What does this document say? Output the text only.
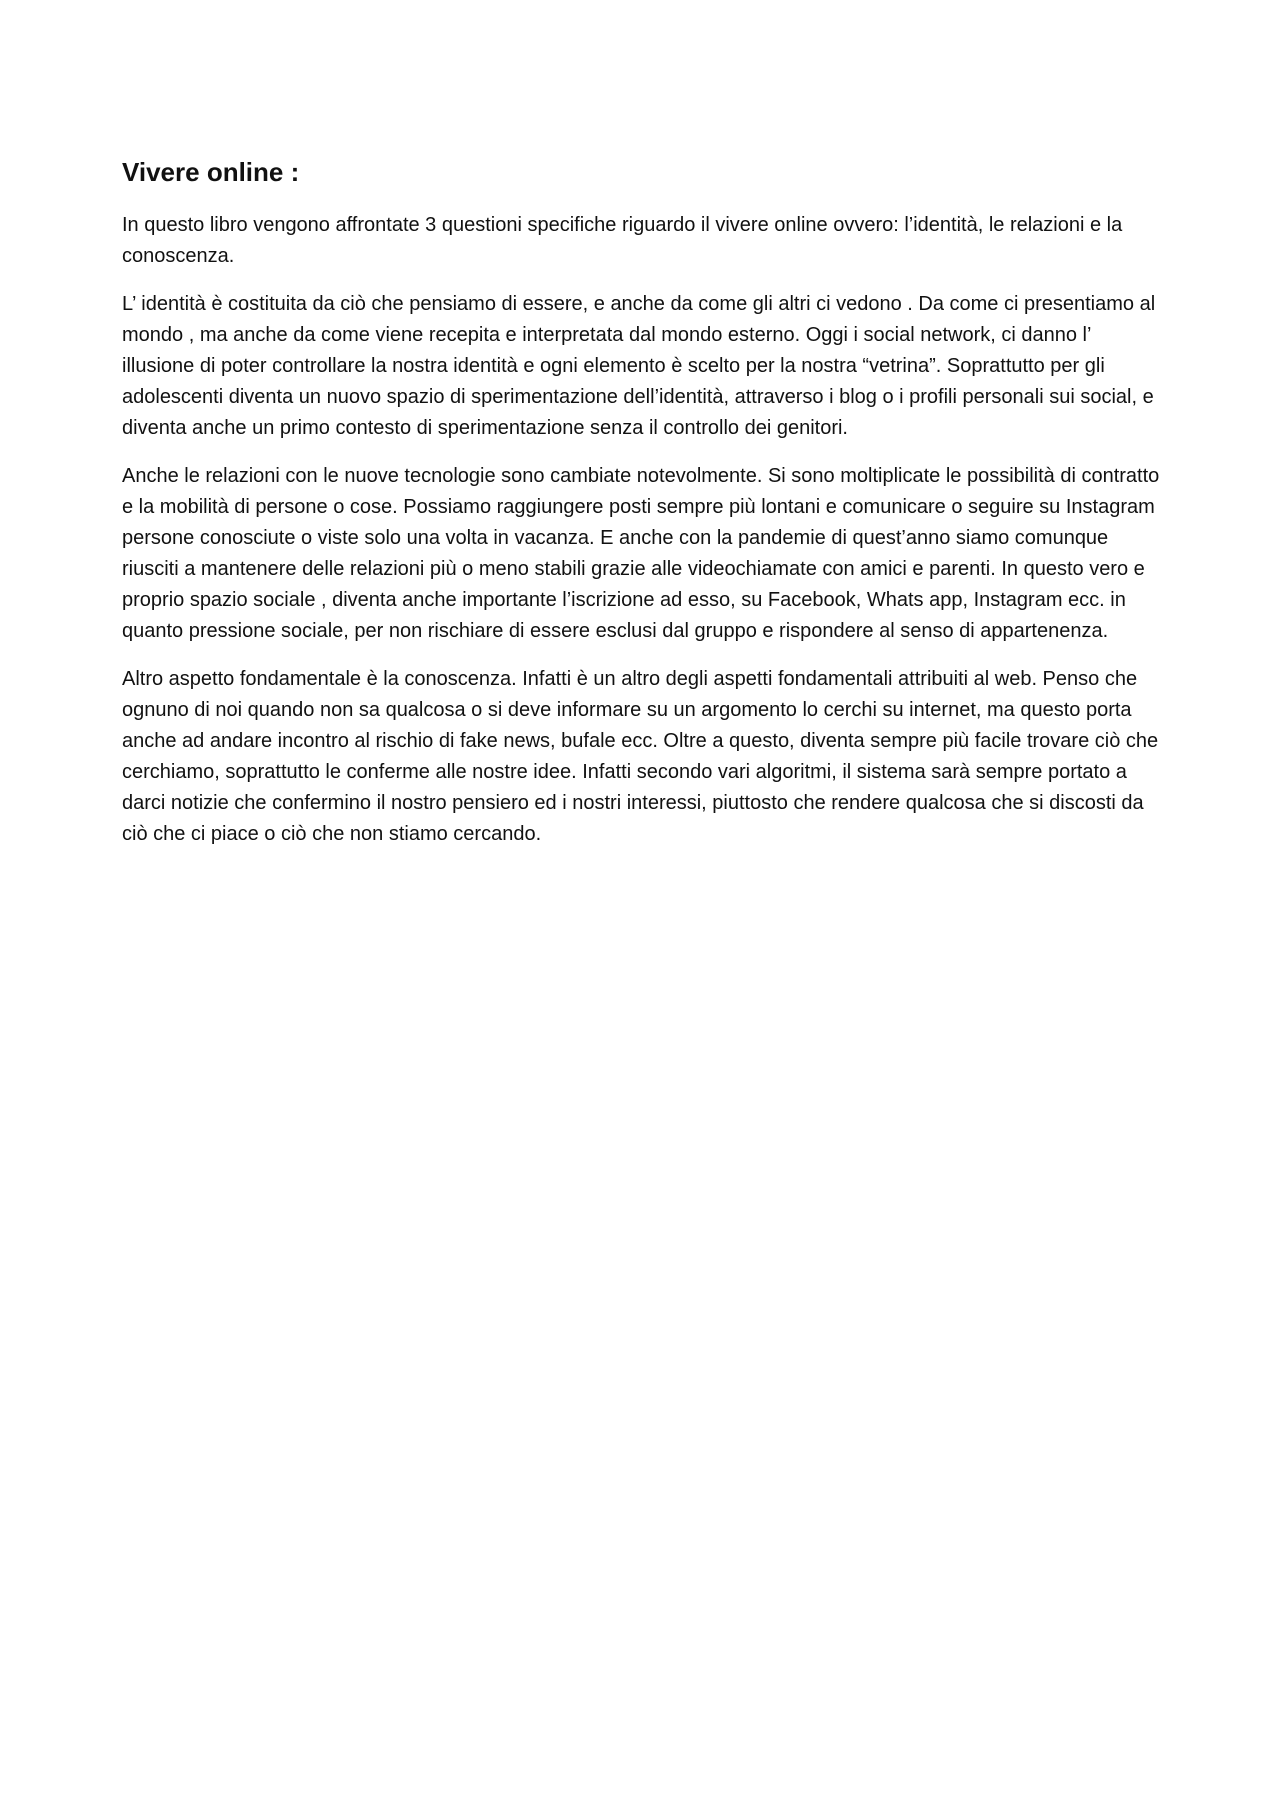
Vivere online :

In questo libro vengono affrontate 3 questioni specifiche riguardo il vivere online ovvero: l’identità, le relazioni e la conoscenza.

L’ identità è costituita da ciò che pensiamo di essere, e anche da come gli altri ci vedono . Da come ci presentiamo al mondo , ma anche da come viene recepita e interpretata dal mondo esterno. Oggi i social network, ci danno l’ illusione di poter controllare la nostra identità e ogni elemento è scelto per la nostra “vetrina”. Soprattutto per gli adolescenti diventa un nuovo spazio di sperimentazione dell’identità, attraverso i blog o i profili personali sui social, e diventa anche un primo contesto di sperimentazione senza il controllo dei genitori.

Anche le relazioni con le nuove tecnologie sono cambiate notevolmente. Si sono moltiplicate le possibilità di contratto e la mobilità di persone o cose. Possiamo raggiungere posti sempre più lontani e comunicare o seguire su Instagram persone conosciute o viste solo una volta in vacanza. E anche con la pandemie di quest’anno siamo comunque riusciti a mantenere delle relazioni più o meno stabili grazie alle videochiamate con amici e parenti. In questo vero e proprio spazio sociale , diventa anche importante l’iscrizione ad esso, su Facebook, Whats app, Instagram ecc. in quanto pressione sociale, per non rischiare di essere esclusi dal gruppo e rispondere al senso di appartenenza.

Altro aspetto fondamentale è la conoscenza. Infatti è un altro degli aspetti fondamentali attribuiti al web. Penso che ognuno di noi quando non sa qualcosa o si deve informare su un argomento lo cerchi su internet, ma questo porta anche ad andare incontro al rischio di fake news, bufale ecc. Oltre a questo, diventa sempre più facile trovare ciò che cerchiamo, soprattutto le conferme alle nostre idee. Infatti secondo vari algoritmi, il sistema sarà sempre portato a darci notizie che confermino il nostro pensiero ed i nostri interessi, piuttosto che rendere qualcosa che si discosti da ciò che ci piace o ciò che non stiamo cercando.
